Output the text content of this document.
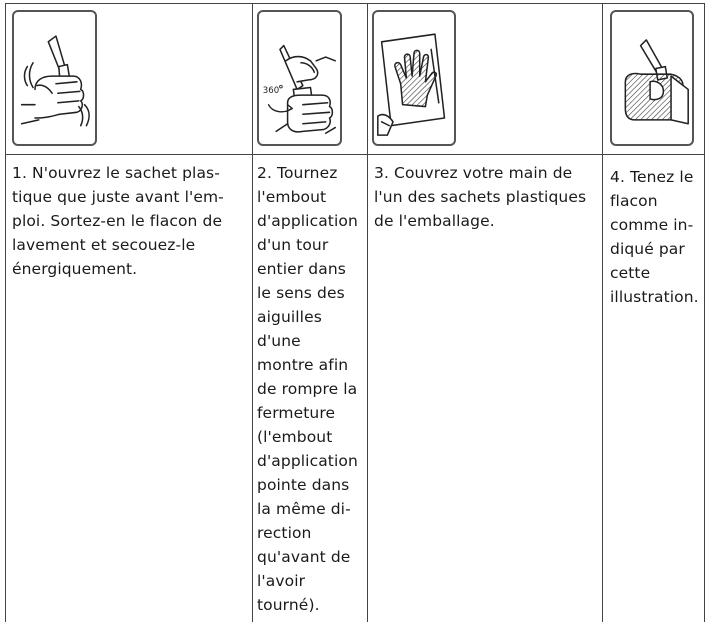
360
1. N'ouvrez le sachet plas-
tique que juste avant l'em-
ploi. Sortez-en le flacon de
lavement et secouez-le
énergiquement.
2. Tournez
l'embout
d'application
d'un tour
entier dans
le sens des
aiguilles
d'une
montre afin
de rompre la
fermeture
(l'embout
d'application
pointe dans
la même di-
rection
qu'avant de
l'avoir
tourné).
3. Couvrez votre main de
l'un des sachets plastiques
de l'emballage.
4. Tenez le
flacon
comme in-
diqué par
cette
illustration.
